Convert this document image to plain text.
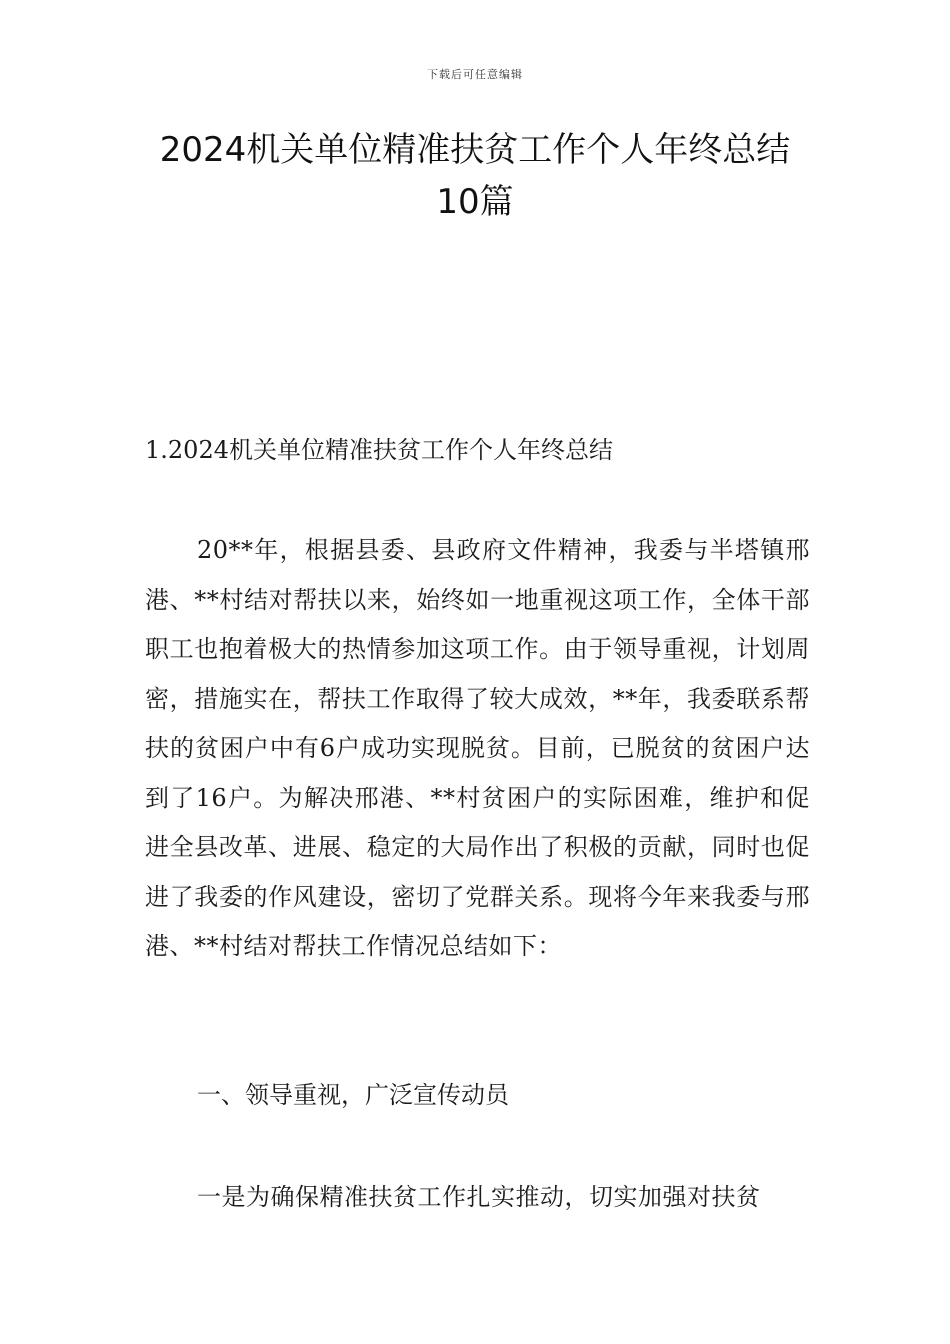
下载后可任意编辑
2024机关单位精准扶贫工作个人年终总结
10篇

1.2024机关单位精准扶贫工作个人年终总结

20**年，根据县委、县政府文件精神，我委与半塔镇邢港、**村结对帮扶以来，始终如一地重视这项工作，全体干部职工也抱着极大的热情参加这项工作。由于领导重视，计划周密，措施实在，帮扶工作取得了较大成效，**年，我委联系帮扶的贫困户中有6户成功实现脱贫。目前，已脱贫的贫困户达到了16户。为解决邢港、**村贫困户的实际困难，维护和促进全县改革、进展、稳定的大局作出了积极的贡献，同时也促进了我委的作风建设，密切了党群关系。现将今年来我委与邢港、**村结对帮扶工作情况总结如下：

一、领导重视，广泛宣传动员

一是为确保精准扶贫工作扎实推动，切实加强对扶贫
